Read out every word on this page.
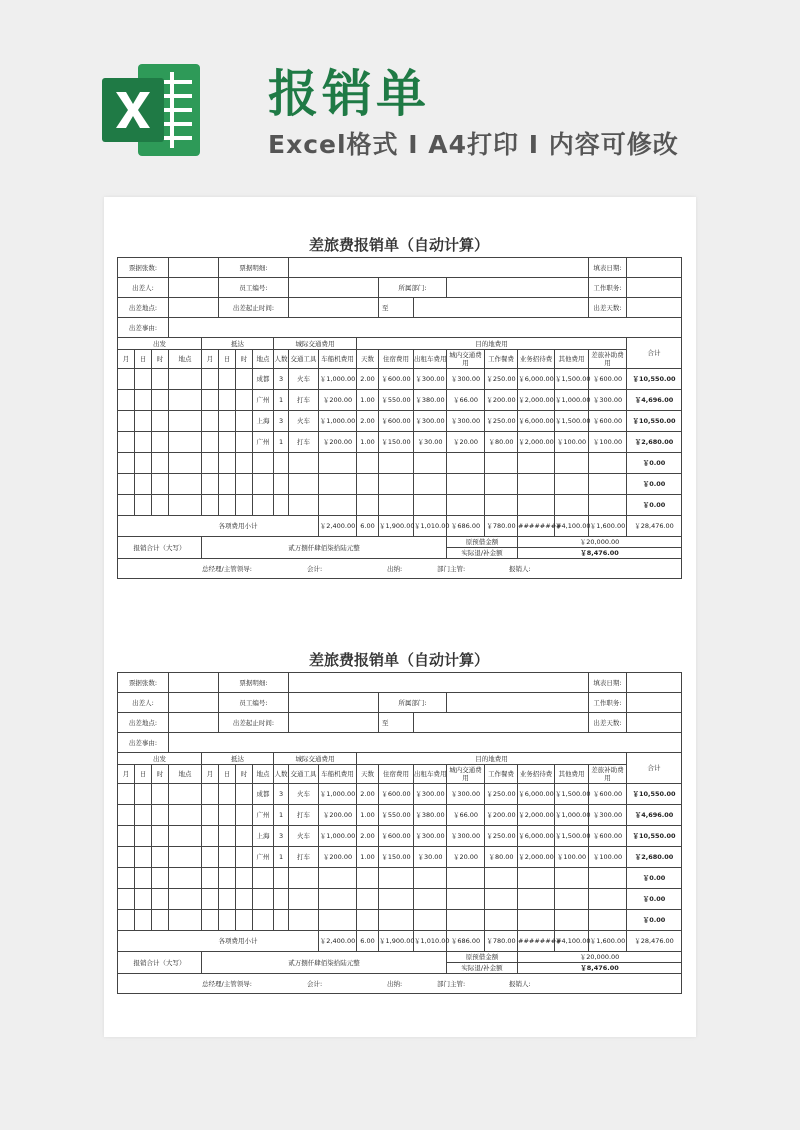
报销单
Excel格式 I A4打印 I 内容可修改
差旅费报销单（自动计算）
票据张数:					票据明细:													填表日期:	
出差人:					员工编号:							所属部门:						工作职务:	
出差地点:					出差起止时间:							至						出差天数:	
出差事由:																			
出发				抵达				城际交通费用			目的地费用								合计
月	日	时	地点	月	日	时	地点	人数	交通工具	车船机费用	天数	住宿费用	出租车费用	城内交通费用	工作餐费	业务招待费	其他费用	差旅补助费用	
							成都	3	火车	￥1,000.00	2.00	￥600.00	￥300.00	￥300.00	￥250.00	￥6,000.00	￥1,500.00	￥600.00	￥10,550.00
							广州	1	打车	￥200.00	1.00	￥550.00	￥380.00	￥66.00	￥200.00	￥2,000.00	￥1,000.00	￥300.00	￥4,696.00
							上海	3	火车	￥1,000.00	2.00	￥600.00	￥300.00	￥300.00	￥250.00	￥6,000.00	￥1,500.00	￥600.00	￥10,550.00
							广州	1	打车	￥200.00	1.00	￥150.00	￥30.00	￥20.00	￥80.00	￥2,000.00	￥100.00	￥100.00	￥2,680.00
																			￥0.00
																			￥0.00
																			￥0.00
各项费用小计										￥2,400.00	6.00	￥1,900.00	￥1,010.00	￥686.00	￥780.00	########	￥4,100.00	￥1,600.00	￥28,476.00
报销合计（大写）				贰万捌仟肆佰柒拾陆元整										原预借金额		￥20,000.00			
														实际退/补金额		￥8,476.00			
总经理/主管领导: 会计: 出纳: 部门主管: 报销人:																			
差旅费报销单（自动计算）
票据张数:					票据明细:													填表日期:	
出差人:					员工编号:							所属部门:						工作职务:	
出差地点:					出差起止时间:							至						出差天数:	
出差事由:																			
出发				抵达				城际交通费用			目的地费用								合计
月	日	时	地点	月	日	时	地点	人数	交通工具	车船机费用	天数	住宿费用	出租车费用	城内交通费用	工作餐费	业务招待费	其他费用	差旅补助费用	
							成都	3	火车	￥1,000.00	2.00	￥600.00	￥300.00	￥300.00	￥250.00	￥6,000.00	￥1,500.00	￥600.00	￥10,550.00
							广州	1	打车	￥200.00	1.00	￥550.00	￥380.00	￥66.00	￥200.00	￥2,000.00	￥1,000.00	￥300.00	￥4,696.00
							上海	3	火车	￥1,000.00	2.00	￥600.00	￥300.00	￥300.00	￥250.00	￥6,000.00	￥1,500.00	￥600.00	￥10,550.00
							广州	1	打车	￥200.00	1.00	￥150.00	￥30.00	￥20.00	￥80.00	￥2,000.00	￥100.00	￥100.00	￥2,680.00
																			￥0.00
																			￥0.00
																			￥0.00
各项费用小计										￥2,400.00	6.00	￥1,900.00	￥1,010.00	￥686.00	￥780.00	########	￥4,100.00	￥1,600.00	￥28,476.00
报销合计（大写）				贰万捌仟肆佰柒拾陆元整										原预借金额		￥20,000.00			
														实际退/补金额		￥8,476.00			
总经理/主管领导: 会计: 出纳: 部门主管: 报销人:																			
